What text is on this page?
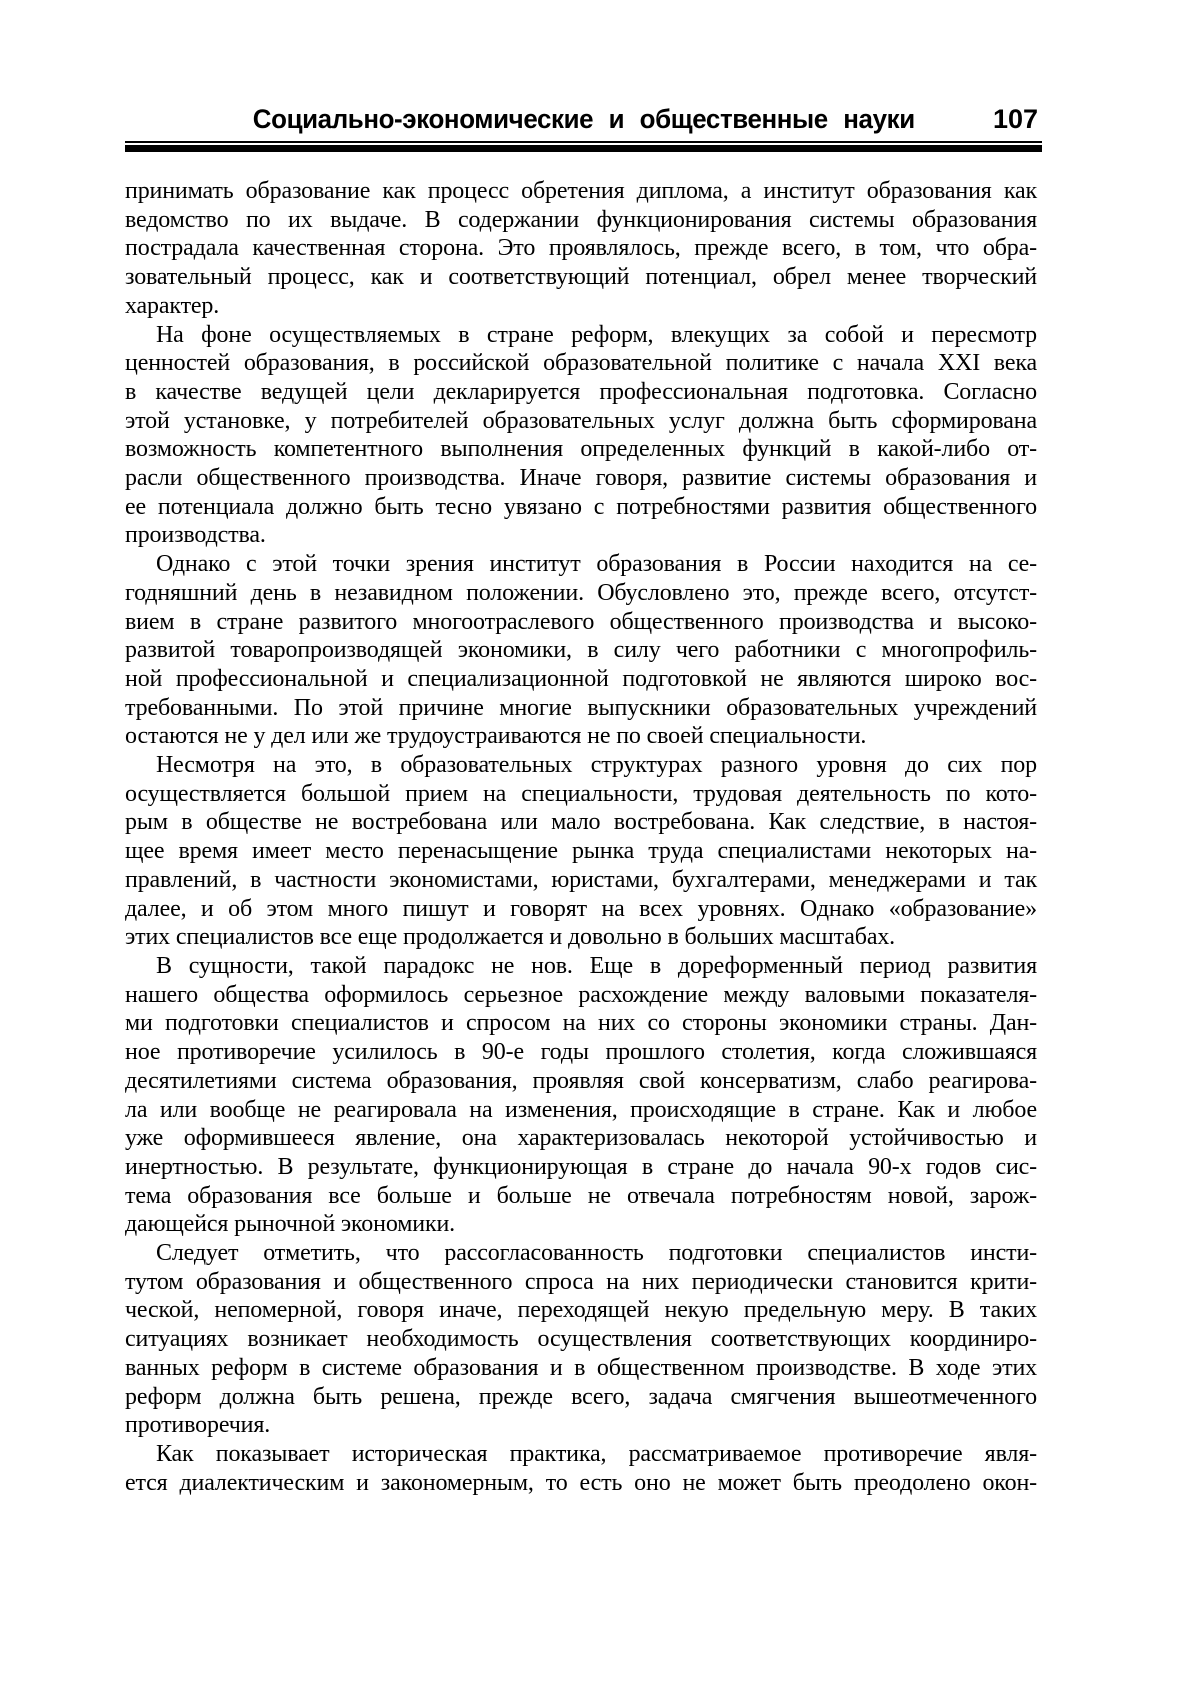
Социально-экономические и общественные науки	107
принимать образование как процесс обретения диплома, а институт образования как
ведомство по их выдаче. В содержании функционирования системы образования
пострадала качественная сторона. Это проявлялось, прежде всего, в том, что обра-
зовательный процесс, как и соответствующий потенциал, обрел менее творческий
характер.
На фоне осуществляемых в стране реформ, влекущих за собой и пересмотр
ценностей образования, в российской образовательной политике с начала XXI века
в качестве ведущей цели декларируется профессиональная подготовка. Согласно
этой установке, у потребителей образовательных услуг должна быть сформирована
возможность компетентного выполнения определенных функций в какой-либо от-
расли общественного производства. Иначе говоря, развитие системы образования и
ее потенциала должно быть тесно увязано с потребностями развития общественного
производства.
Однако с этой точки зрения институт образования в России находится на се-
годняшний день в незавидном положении. Обусловлено это, прежде всего, отсутст-
вием в стране развитого многоотраслевого общественного производства и высоко-
развитой товаропроизводящей экономики, в силу чего работники с многопрофиль-
ной профессиональной и специализационной подготовкой не являются широко вос-
требованными. По этой причине многие выпускники образовательных учреждений
остаются не у дел или же трудоустраиваются не по своей специальности.
Несмотря на это, в образовательных структурах разного уровня до сих пор
осуществляется большой прием на специальности, трудовая деятельность по кото-
рым в обществе не востребована или мало востребована. Как следствие, в настоя-
щее время имеет место перенасыщение рынка труда специалистами некоторых на-
правлений, в частности экономистами, юристами, бухгалтерами, менеджерами и так
далее, и об этом много пишут и говорят на всех уровнях. Однако «образование»
этих специалистов все еще продолжается и довольно в больших масштабах.
В сущности, такой парадокс не нов. Еще в дореформенный период развития
нашего общества оформилось серьезное расхождение между валовыми показателя-
ми подготовки специалистов и спросом на них со стороны экономики страны. Дан-
ное противоречие усилилось в 90-е годы прошлого столетия, когда сложившаяся
десятилетиями система образования, проявляя свой консерватизм, слабо реагирова-
ла или вообще не реагировала на изменения, происходящие в стране. Как и любое
уже оформившееся явление, она характеризовалась некоторой устойчивостью и
инертностью. В результате, функционирующая в стране до начала 90-х годов сис-
тема образования все больше и больше не отвечала потребностям новой, зарож-
дающейся рыночной экономики.
Следует отметить, что рассогласованность подготовки специалистов инсти-
тутом образования и общественного спроса на них периодически становится крити-
ческой, непомерной, говоря иначе, переходящей некую предельную меру. В таких
ситуациях возникает необходимость осуществления соответствующих координиро-
ванных реформ в системе образования и в общественном производстве. В ходе этих
реформ должна быть решена, прежде всего, задача смягчения вышеотмеченного
противоречия.
Как показывает историческая практика, рассматриваемое противоречие явля-
ется диалектическим и закономерным, то есть оно не может быть преодолено окон-
